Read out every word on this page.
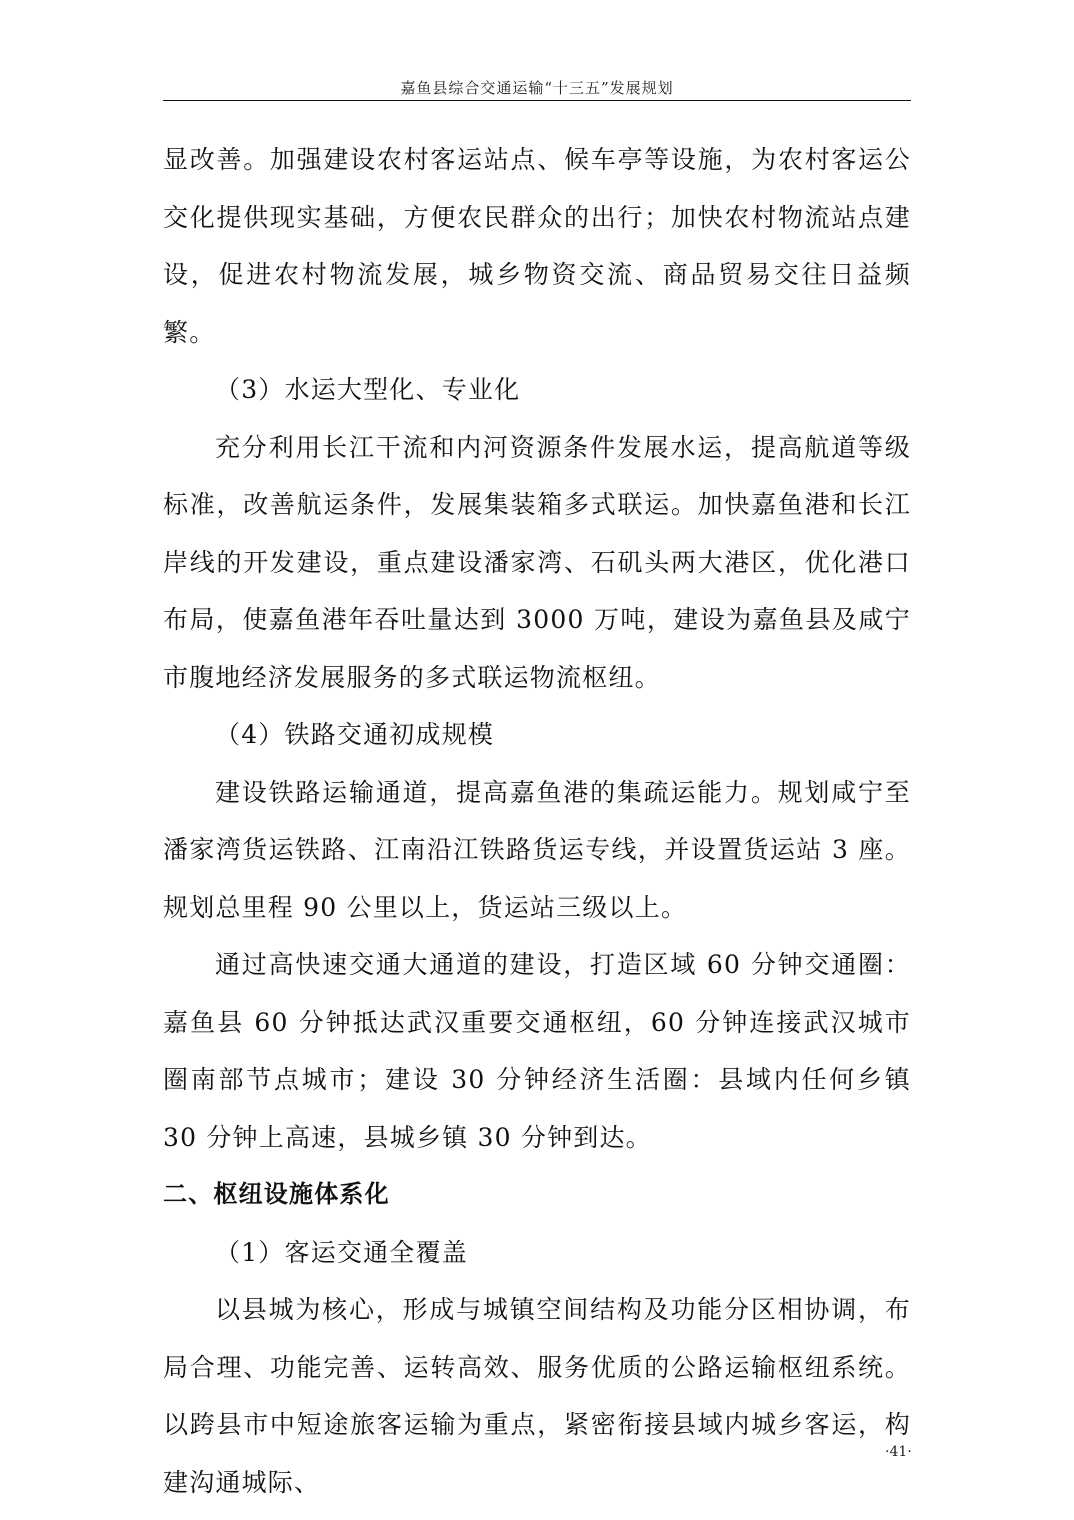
嘉鱼县综合交通运输“十三五”发展规划

显改善。加强建设农村客运站点、候车亭等设施，为农村客运公交化提供现实基础，方便农民群众的出行；加快农村物流站点建设，促进农村物流发展，城乡物资交流、商品贸易交往日益频繁。

（3）水运大型化、专业化

充分利用长江干流和内河资源条件发展水运，提高航道等级标准，改善航运条件，发展集装箱多式联运。加快嘉鱼港和长江岸线的开发建设，重点建设潘家湾、石矶头两大港区，优化港口布局，使嘉鱼港年吞吐量达到 3000 万吨，建设为嘉鱼县及咸宁市腹地经济发展服务的多式联运物流枢纽。

（4）铁路交通初成规模

建设铁路运输通道，提高嘉鱼港的集疏运能力。规划咸宁至潘家湾货运铁路、江南沿江铁路货运专线，并设置货运站 3 座。规划总里程 90 公里以上，货运站三级以上。

通过高快速交通大通道的建设，打造区域 60 分钟交通圈：嘉鱼县 60 分钟抵达武汉重要交通枢纽，60 分钟连接武汉城市圈南部节点城市；建设 30 分钟经济生活圈：县域内任何乡镇 30 分钟上高速，县城乡镇 30 分钟到达。

二、枢纽设施体系化

（1）客运交通全覆盖

以县城为核心，形成与城镇空间结构及功能分区相协调，布局合理、功能完善、运转高效、服务优质的公路运输枢纽系统。以跨县市中短途旅客运输为重点，紧密衔接县域内城乡客运，构建沟通城际、

·41·
